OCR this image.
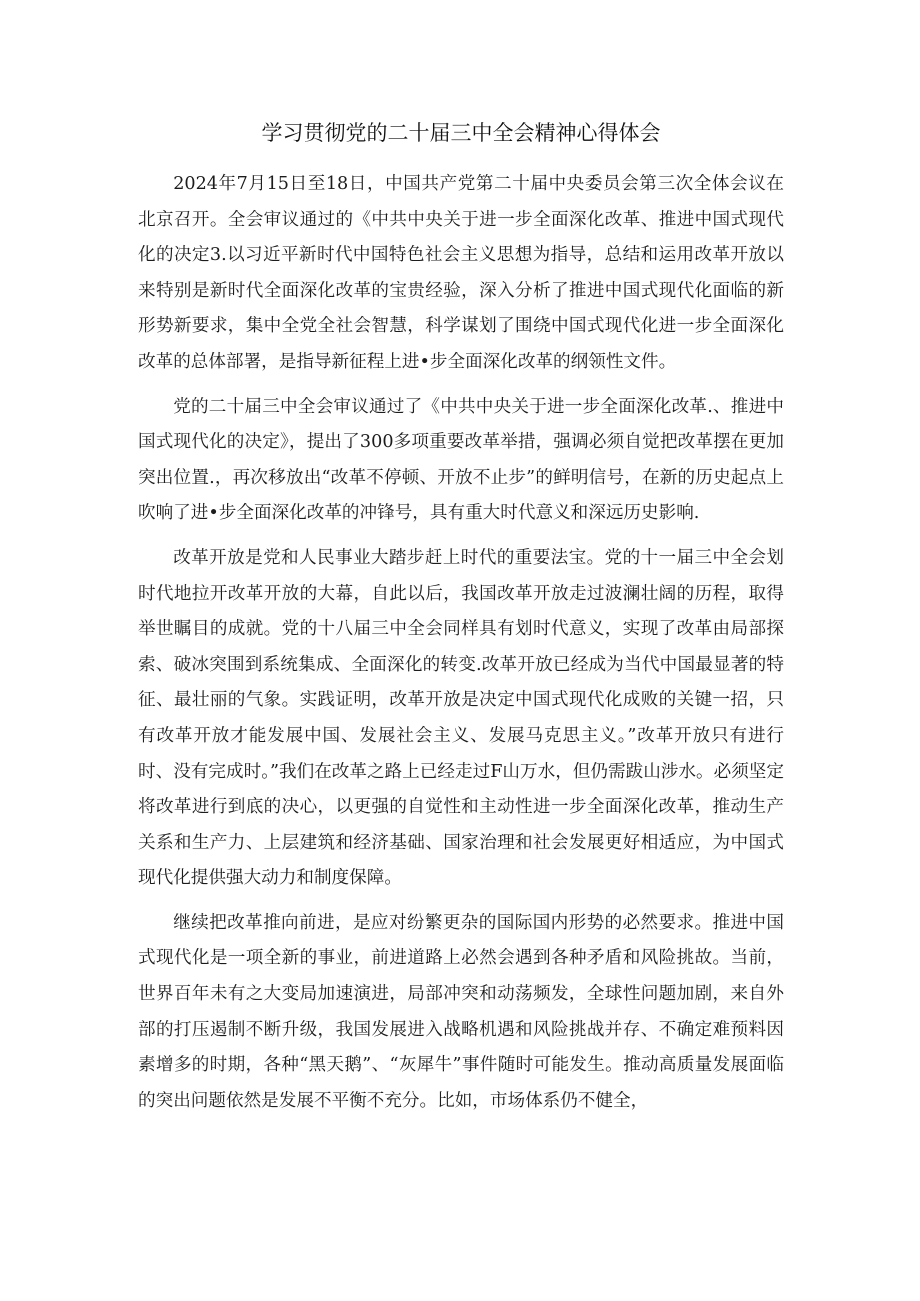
学习贯彻党的二十届三中全会精神心得体会

2024年7月15日至18日，中国共产党第二十届中央委员会第三次全体会议在北京召开。全会审议通过的《中共中央关于进一步全面深化改革、推进中国式现代化的决定3.以习近平新时代中国特色社会主义思想为指导，总结和运用改革开放以来特别是新时代全面深化改革的宝贵经验，深入分析了推进中国式现代化面临的新形势新要求，集中全党全社会智慧，科学谋划了围绕中国式现代化进一步全面深化改革的总体部署，是指导新征程上进•步全面深化改革的纲领性文件。

党的二十届三中全会审议通过了《中共中央关于进一步全面深化改革.、推进中国式现代化的决定》，提出了300多项重要改革举措，强调必须自觉把改革摆在更加突出位置.，再次移放出“改革不停顿、开放不止步”的鲜明信号，在新的历史起点上吹响了进•步全面深化改革的冲锋号，具有重大时代意义和深远历史影响.

改革开放是党和人民事业大踏步赶上时代的重要法宝。党的十一届三中全会划时代地拉开改革开放的大幕，自此以后，我国改革开放走过波澜壮阔的历程，取得举世瞩目的成就。党的十八届三中全会同样具有划时代意义，实现了改革由局部探索、破冰突围到系统集成、全面深化的转变.改革开放已经成为当代中国最显著的特征、最壮丽的气象。实践证明，改革开放是决定中国式现代化成败的关键一招，只有改革开放才能发展中国、发展社会主义、发展马克思主义。”改革开放只有进行时、没有完成时。”我们在改革之路上已经走过F山万水，但仍需跋山涉水。必须坚定将改革进行到底的决心，以更强的自觉性和主动性进一步全面深化改革，推动生产关系和生产力、上层建筑和经济基础、国家治理和社会发展更好相适应，为中国式现代化提供强大动力和制度保障。

继续把改革推向前进，是应对纷繁更杂的国际国内形势的必然要求。推进中国式现代化是一项全新的事业，前进道路上必然会遇到各种矛盾和风险挑故。当前，世界百年未有之大变局加速演进，局部冲突和动荡频发，全球性问题加剧，来自外部的打压遏制不断升级，我国发展进入战略机遇和风险挑战并存、不确定难预料因素增多的时期，各种“黑天鹅”、“灰犀牛”事件随时可能发生。推动高质量发展面临的突出问题依然是发展不平衡不充分。比如，市场体系仍不健全，
